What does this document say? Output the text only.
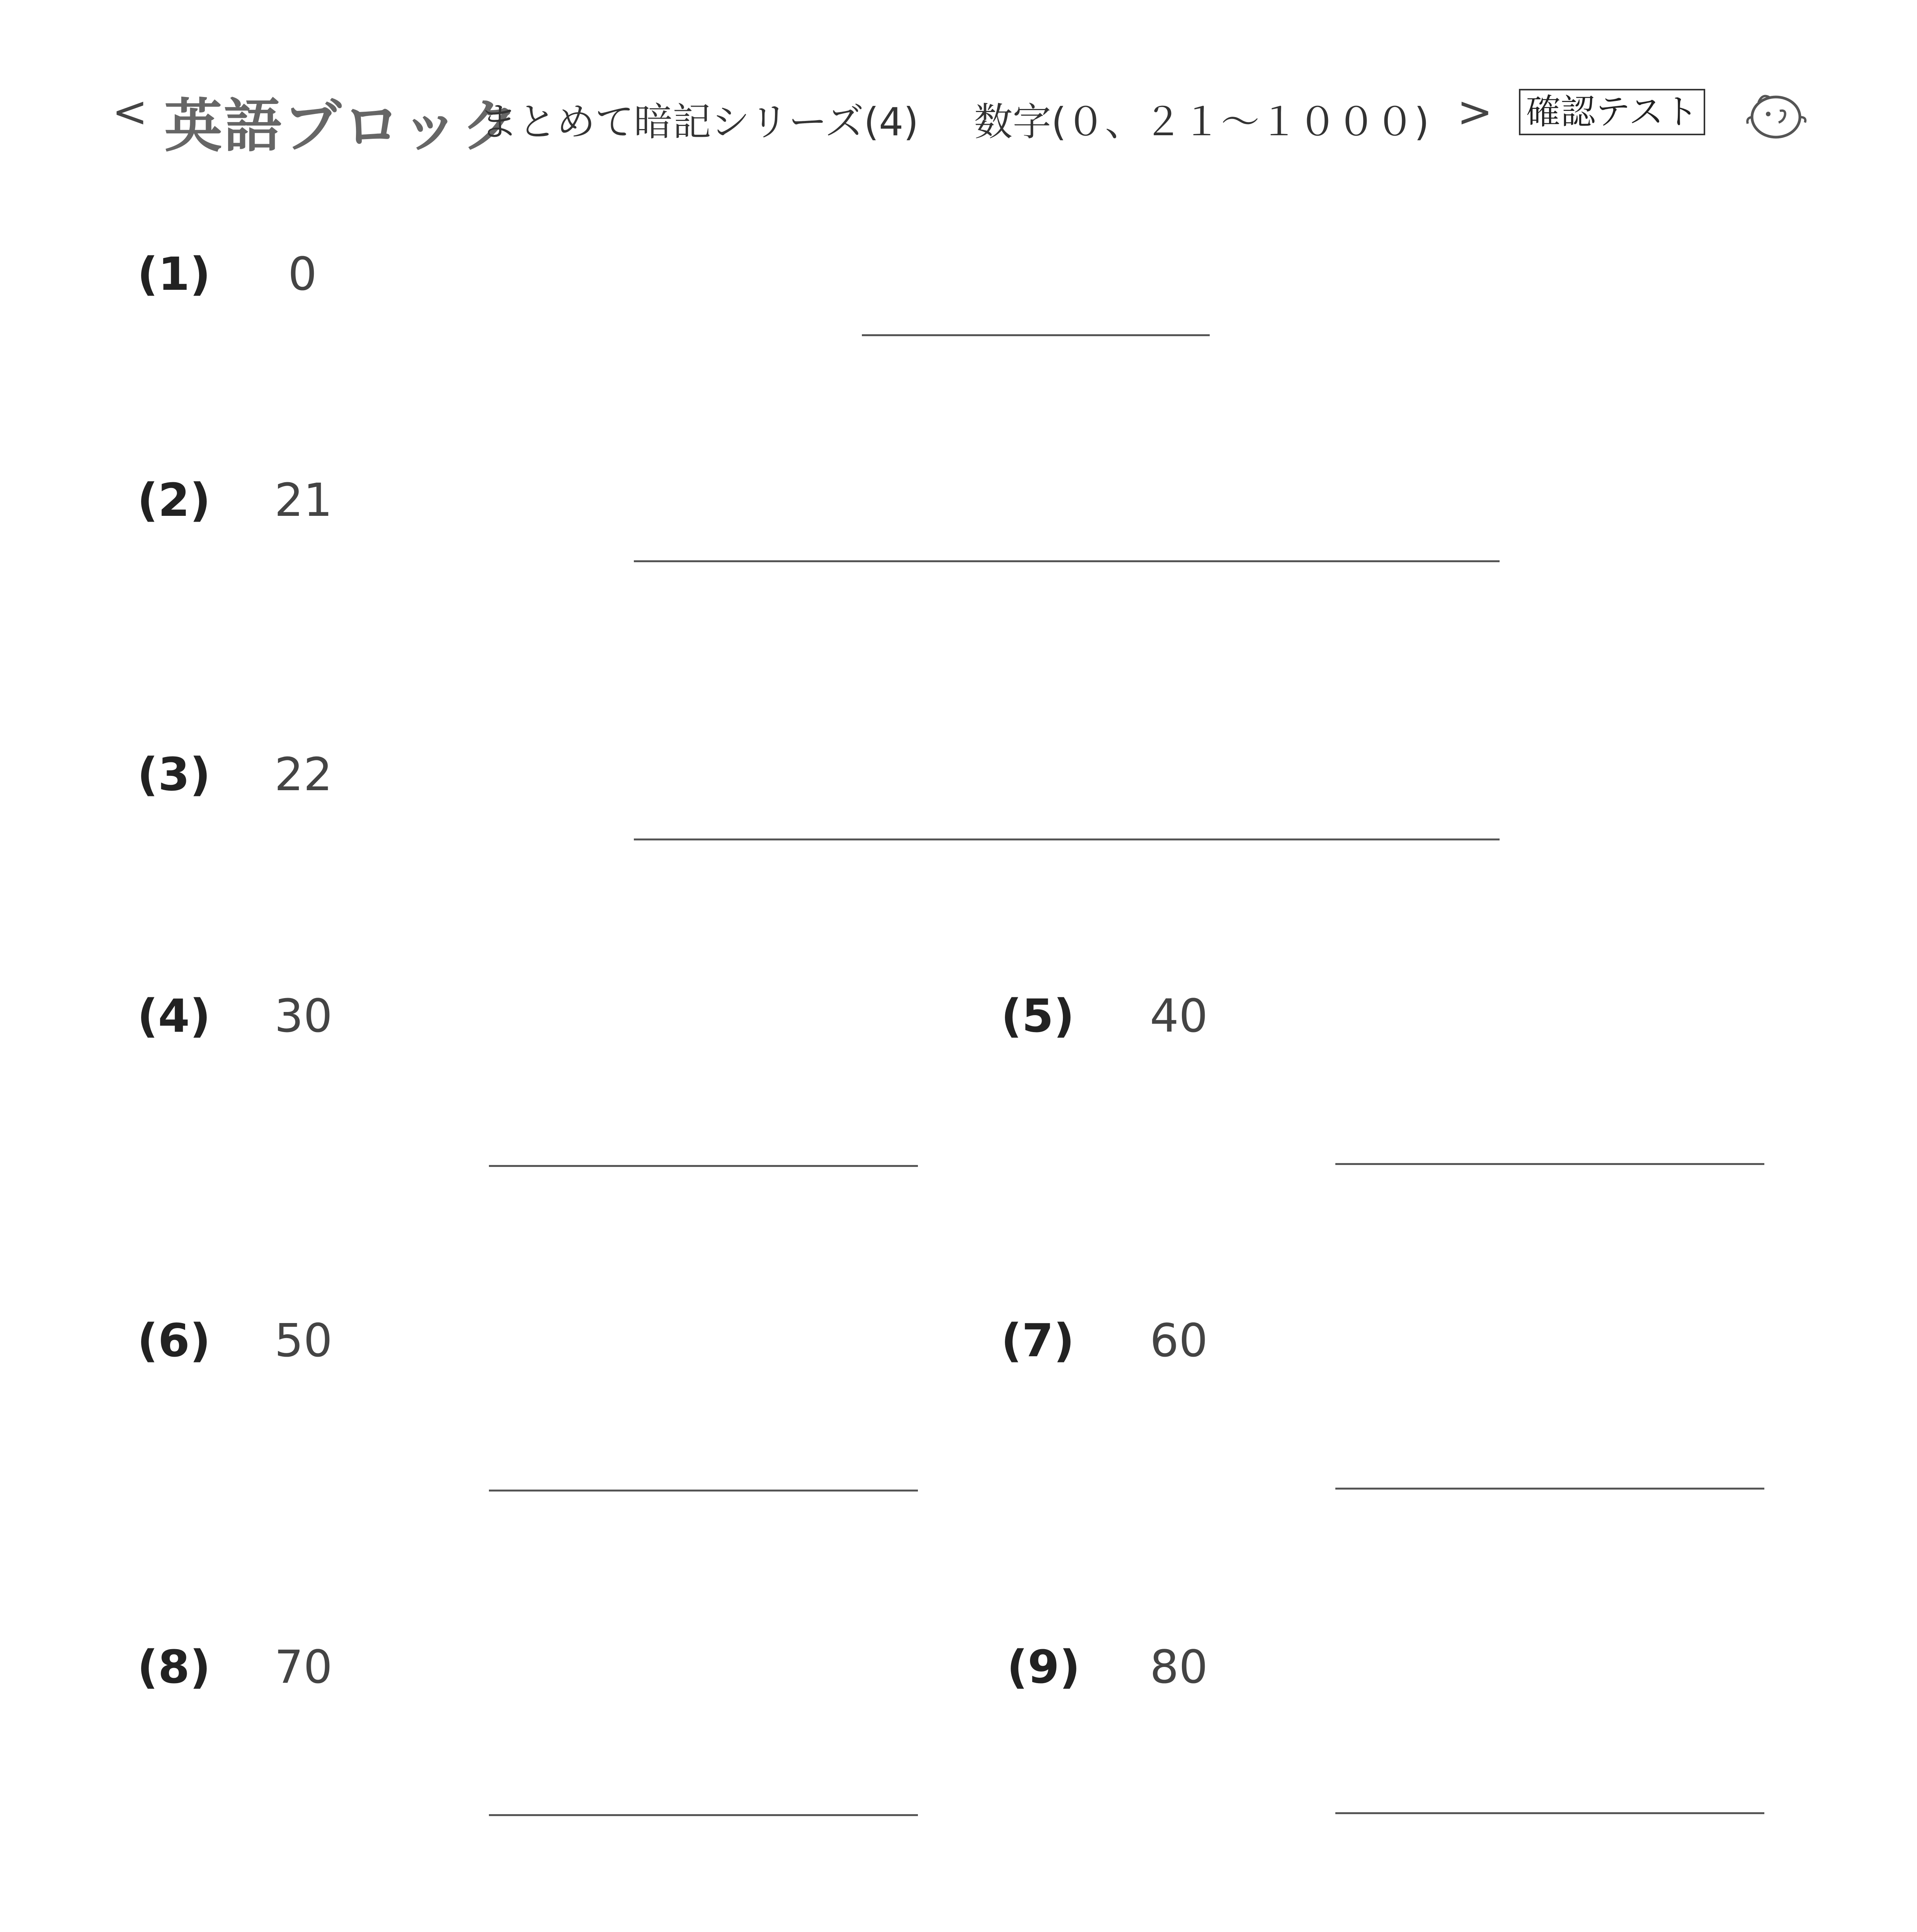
< 英語ブロック
まとめて暗記シリーズ(4) 数字(０、２１～１０００) > 確認テスト
(1) 0
(2) 21
(3) 22
(4) 30	(5) 40
(6) 50	(7) 60
(8) 70	(9) 80
